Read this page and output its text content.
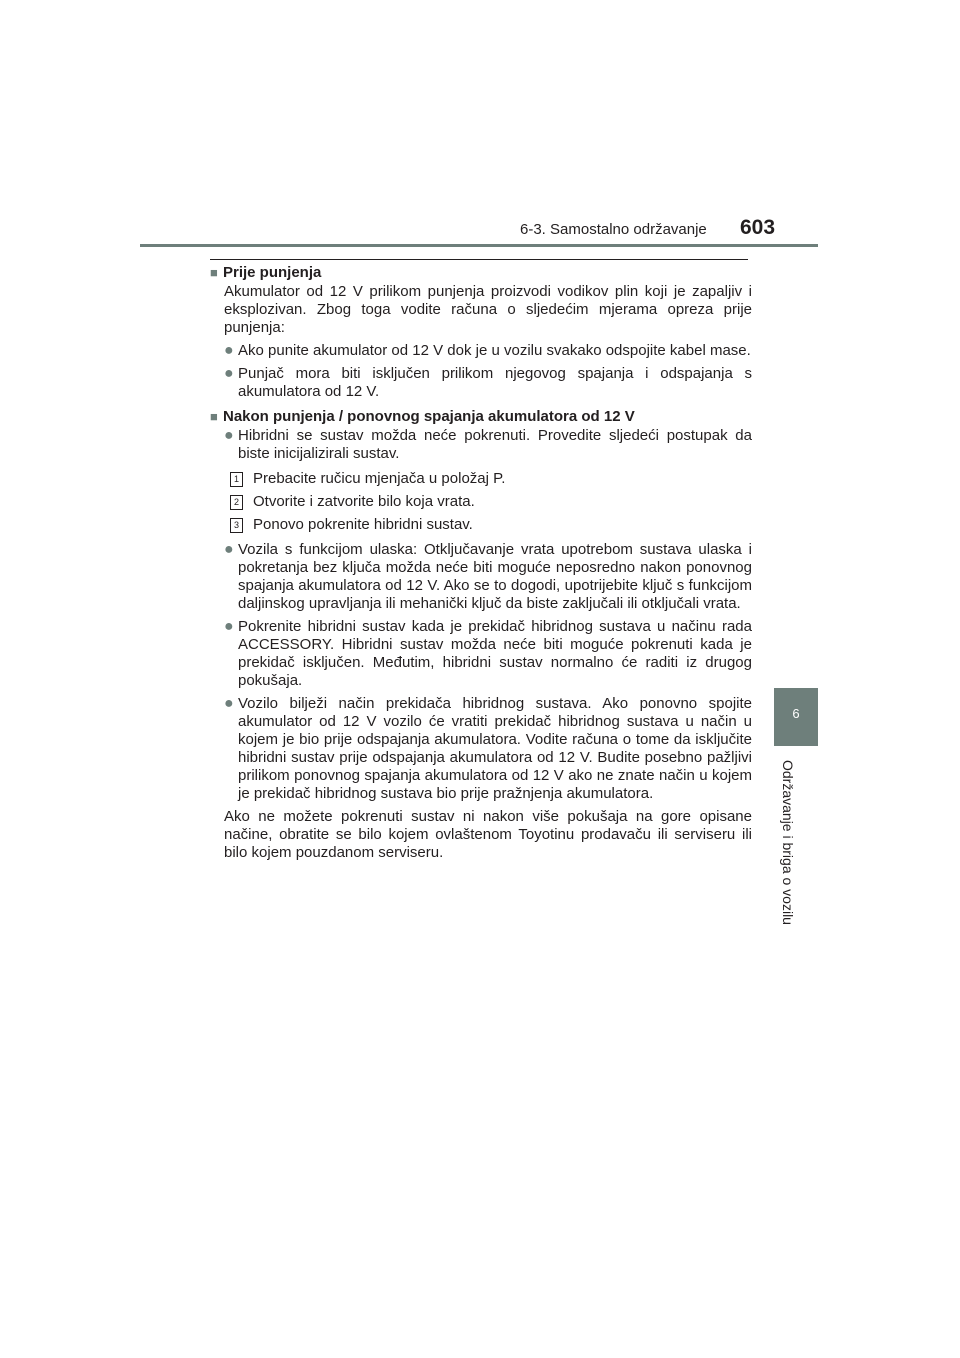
6-3. Samostalno održavanje 603
6
Održavanje i briga o vozilu
■ Prije punjenja
Akumulator od 12 V prilikom punjenja proizvodi vodikov plin koji je zapaljiv i eksplozivan. Zbog toga vodite računa o sljedećim mjerama opreza prije punjenja:
● Ako punite akumulator od 12 V dok je u vozilu svakako odspojite kabel mase.
● Punjač mora biti isključen prilikom njegovog spajanja i odspajanja s akumulatora od 12 V.
■ Nakon punjenja / ponovnog spajanja akumulatora od 12 V
● Hibridni se sustav možda neće pokrenuti. Provedite sljedeći postupak da biste inicijalizirali sustav.
1 Prebacite ručicu mjenjača u položaj P.
2 Otvorite i zatvorite bilo koja vrata.
3 Ponovo pokrenite hibridni sustav.
● Vozila s funkcijom ulaska: Otključavanje vrata upotrebom sustava ulaska i pokretanja bez ključa možda neće biti moguće neposredno nakon ponovnog spajanja akumulatora od 12 V. Ako se to dogodi, upotrijebite ključ s funkcijom daljinskog upravljanja ili mehanički ključ da biste zaključali ili otključali vrata.
● Pokrenite hibridni sustav kada je prekidač hibridnog sustava u načinu rada ACCESSORY. Hibridni sustav možda neće biti moguće pokrenuti kada je prekidač isključen. Međutim, hibridni sustav normalno će raditi iz drugog pokušaja.
● Vozilo bilježi način prekidača hibridnog sustava. Ako ponovno spojite akumulator od 12 V vozilo će vratiti prekidač hibridnog sustava u način u kojem je bio prije odspajanja akumulatora. Vodite računa o tome da isključite hibridni sustav prije odspajanja akumulatora od 12 V. Budite posebno pažljivi prilikom ponovnog spajanja akumulatora od 12 V ako ne znate način u kojem je prekidač hibridnog sustava bio prije pražnjenja akumulatora.
Ako ne možete pokrenuti sustav ni nakon više pokušaja na gore opisane načine, obratite se bilo kojem ovlaštenom Toyotinu prodavaču ili serviseru ili bilo kojem pouzdanom serviseru.
